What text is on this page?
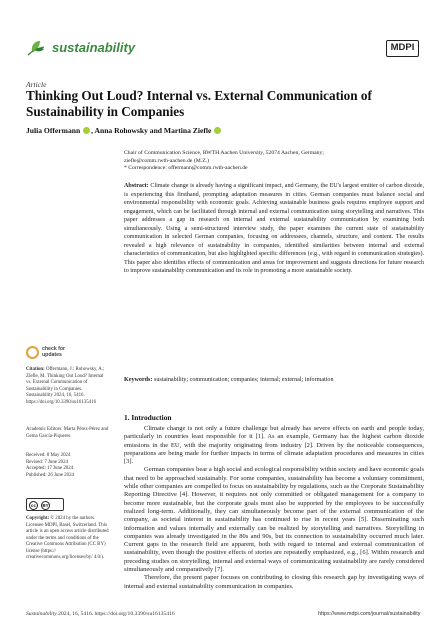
sustainability	MDPI
Article
Thinking Out Loud? Internal vs. External Communication of Sustainability in Companies
Julia Offermann , Anna Rohowsky and Martina Ziefle
Chair of Communication Science, RWTH Aachen University, 52074 Aachen, Germany;
ziefle@comm.rwth-aachen.de (M.Z.)
* Correspondence: offermann@comm.rwth-aachen.de
Abstract: Climate change is already having a significant impact, and Germany, the EU's largest emitter of carbon dioxide, is experiencing this firsthand, prompting adaptation measures in cities. German companies must balance social and environmental responsibility with economic goals. Achieving sustainable business goals requires employee support and engagement, which can be facilitated through internal and external communication using storytelling and narratives. This paper addresses a gap in research on internal and external sustainability communication by examining both simultaneously. Using a semi-structured interview study, the paper examines the current state of sustainability communication in selected German companies, focusing on addressees, channels, structure, and content. The results revealed a high relevance of sustainability in companies, identified similarities between internal and external characteristics of communication, but also highlighted specific differences (e.g., with regard to communication strategies). This paper also identifies effects of communication and areas for improvement and suggests directions for future research to improve sustainability communication and its role in promoting a more sustainable society.
Keywords: sustainability; communication; companies; internal; external; information
check for
updates
Citation: Offermann, J.; Rohowsky, A.; Ziefle, M. Thinking Out Loud? Internal vs. External Communication of Sustainability in Companies. Sustainability 2024, 16, 5416. https://doi.org/10.3390/su16135416
Academic Editors: Marta Pérez-Pérez and Gema García-Piqueres
Received: 8 May 2024
Revised: 7 June 2024
Accepted: 17 June 2024
Published: 26 June 2024
cc	BY
Copyright: © 2024 by the authors. Licensee MDPI, Basel, Switzerland. This article is an open access article distributed under the terms and conditions of the Creative Commons Attribution (CC BY) license (https:// creativecommons.org/licenses/by/ 4.0/).
1. Introduction

Climate change is not only a future challenge but already has severe effects on earth and people today, particularly in countries least responsible for it [1]. As an example, Germany has the highest carbon dioxide emissions in the EU, with the majority originating from industry [2]. Driven by the noticeable consequences, preparations are being made for further impacts in terms of climate adaptation procedures and measures in cities [3].

German companies bear a high social and ecological responsibility within society and have economic goals that need to be approached sustainably. For some companies, sustainability has become a voluntary commitment, while other companies are compelled to focus on sustainability by regulations, such as the Corporate Sustainability Reporting Directive [4]. However, it requires not only committed or obligated management for a company to become more sustainable, but the corporate goals must also be supported by the employees to be successfully realized long-term. Additionally, they can simultaneously become part of the external communication of the company, as societal interest in sustainability has continued to rise in recent years [5]. Disseminating such information and values internally and externally can be realized by storytelling and narratives. Storytelling in companies was already investigated in the 80s and 90s, but its connection to sustainability occurred much later. Current gaps in the research field are apparent, both with regard to internal and external communication of sustainability, even though the positive effects of stories are repeatedly emphasized, e.g., [6]. Within research and preceding studies on storytelling, internal and external ways of communicating sustainability are rarely considered simultaneously and comparatively [7].

Therefore, the present paper focuses on contributing to closing this research gap by investigating ways of internal and external sustainability communication in companies.

Sustainability 2024, 16, 5416. https://doi.org/10.3390/su16135416	https://www.mdpi.com/journal/sustainability
